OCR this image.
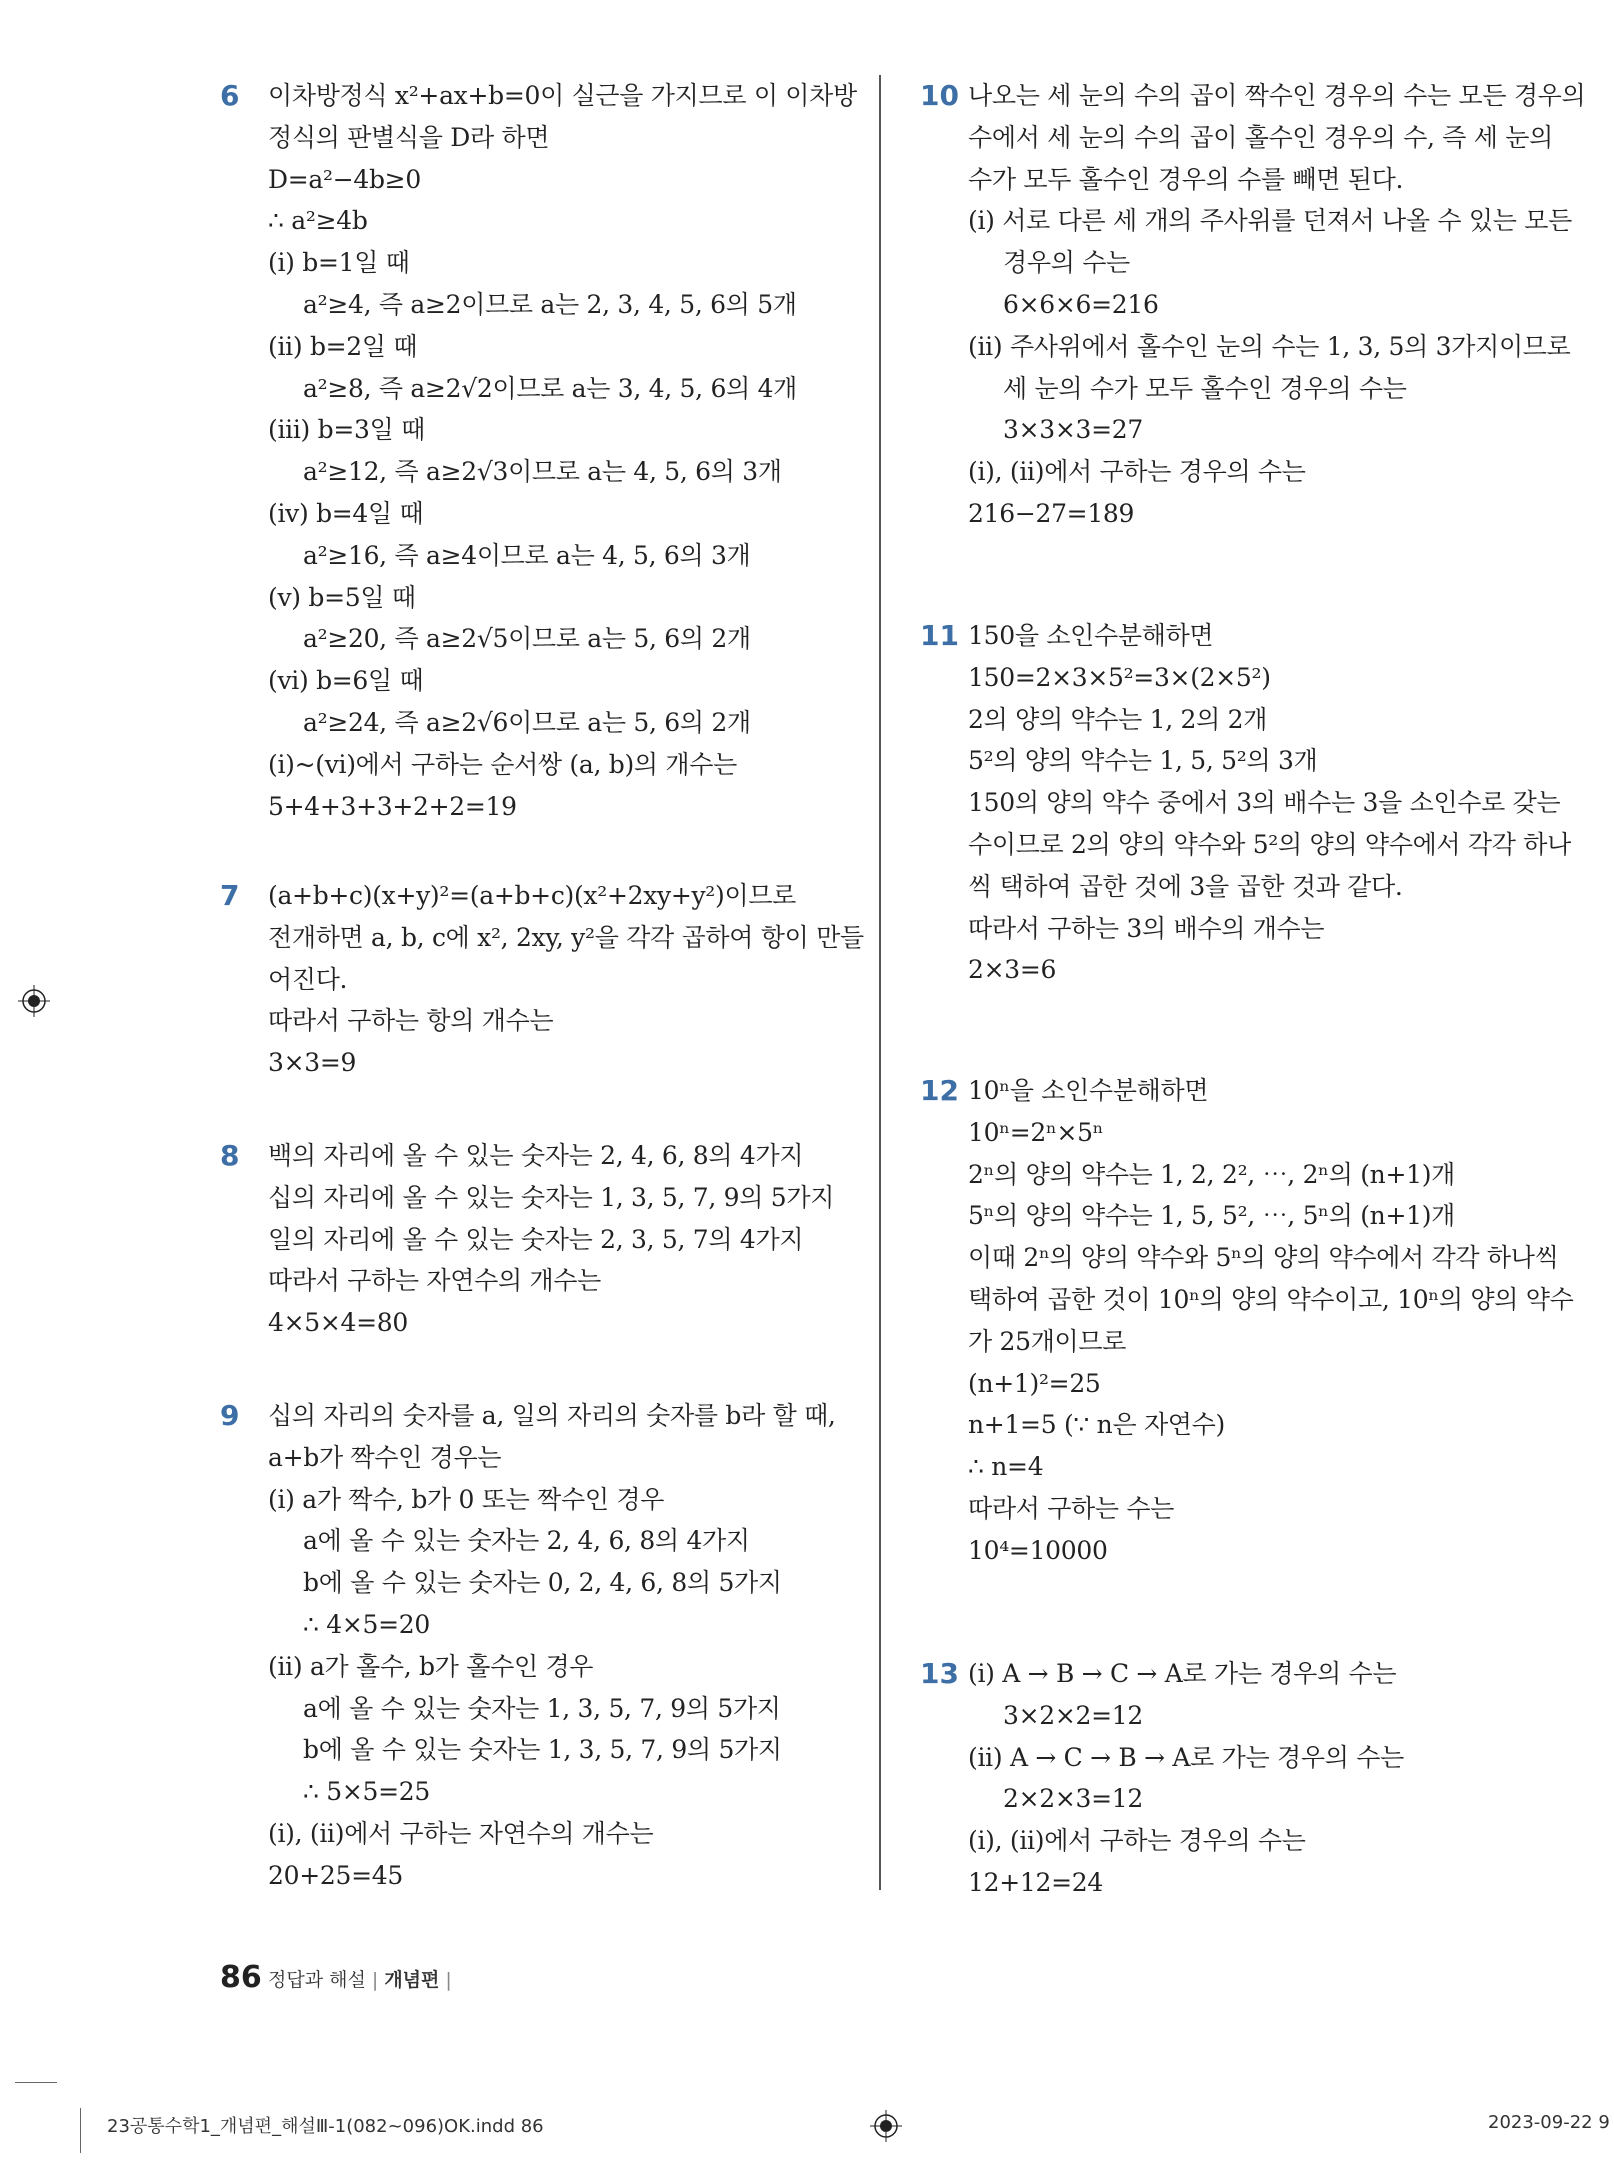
6 이차방정식 x²+ax+b=0이 실근을 가지므로 이 이차방
정식의 판별식을 D라 하면
D=a²−4b≥0
∴ a²≥4b
(i) b=1일 때
a²≥4, 즉 a≥2이므로 a는 2, 3, 4, 5, 6의 5개
(ii) b=2일 때
a²≥8, 즉 a≥2√2이므로 a는 3, 4, 5, 6의 4개
(iii) b=3일 때
a²≥12, 즉 a≥2√3이므로 a는 4, 5, 6의 3개
(iv) b=4일 때
a²≥16, 즉 a≥4이므로 a는 4, 5, 6의 3개
(v) b=5일 때
a²≥20, 즉 a≥2√5이므로 a는 5, 6의 2개
(vi) b=6일 때
a²≥24, 즉 a≥2√6이므로 a는 5, 6의 2개
(i)~(vi)에서 구하는 순서쌍 (a, b)의 개수는
5+4+3+3+2+2=19
7 (a+b+c)(x+y)²=(a+b+c)(x²+2xy+y²)이므로
전개하면 a, b, c에 x², 2xy, y²을 각각 곱하여 항이 만들
어진다.
따라서 구하는 항의 개수는
3×3=9
8 백의 자리에 올 수 있는 숫자는 2, 4, 6, 8의 4가지
십의 자리에 올 수 있는 숫자는 1, 3, 5, 7, 9의 5가지
일의 자리에 올 수 있는 숫자는 2, 3, 5, 7의 4가지
따라서 구하는 자연수의 개수는
4×5×4=80
9 십의 자리의 숫자를 a, 일의 자리의 숫자를 b라 할 때,
a+b가 짝수인 경우는
(i) a가 짝수, b가 0 또는 짝수인 경우
a에 올 수 있는 숫자는 2, 4, 6, 8의 4가지
b에 올 수 있는 숫자는 0, 2, 4, 6, 8의 5가지
∴ 4×5=20
(ii) a가 홀수, b가 홀수인 경우
a에 올 수 있는 숫자는 1, 3, 5, 7, 9의 5가지
b에 올 수 있는 숫자는 1, 3, 5, 7, 9의 5가지
∴ 5×5=25
(i), (ii)에서 구하는 자연수의 개수는
20+25=45
10 나오는 세 눈의 수의 곱이 짝수인 경우의 수는 모든 경우의
수에서 세 눈의 수의 곱이 홀수인 경우의 수, 즉 세 눈의
수가 모두 홀수인 경우의 수를 빼면 된다.
(i) 서로 다른 세 개의 주사위를 던져서 나올 수 있는 모든
경우의 수는
6×6×6=216
(ii) 주사위에서 홀수인 눈의 수는 1, 3, 5의 3가지이므로
세 눈의 수가 모두 홀수인 경우의 수는
3×3×3=27
(i), (ii)에서 구하는 경우의 수는
216−27=189
11 150을 소인수분해하면
150=2×3×5²=3×(2×5²)
2의 양의 약수는 1, 2의 2개
5²의 양의 약수는 1, 5, 5²의 3개
150의 양의 약수 중에서 3의 배수는 3을 소인수로 갖는
수이므로 2의 양의 약수와 5²의 양의 약수에서 각각 하나
씩 택하여 곱한 것에 3을 곱한 것과 같다.
따라서 구하는 3의 배수의 개수는
2×3=6
12 10ⁿ을 소인수분해하면
10ⁿ=2ⁿ×5ⁿ
2ⁿ의 양의 약수는 1, 2, 2², ⋯, 2ⁿ의 (n+1)개
5ⁿ의 양의 약수는 1, 5, 5², ⋯, 5ⁿ의 (n+1)개
이때 2ⁿ의 양의 약수와 5ⁿ의 양의 약수에서 각각 하나씩
택하여 곱한 것이 10ⁿ의 양의 약수이고, 10ⁿ의 양의 약수
가 25개이므로
(n+1)²=25
n+1=5 (∵ n은 자연수)
∴ n=4
따라서 구하는 수는
10⁴=10000
13 (i) A → B → C → A로 가는 경우의 수는
3×2×2=12
(ii) A → C → B → A로 가는 경우의 수는
2×2×3=12
(i), (ii)에서 구하는 경우의 수는
12+12=24
86 정답과 해설 | 개념편 |
23공통수학1_개념편_해설Ⅲ-1(082~096)OK.indd 86	2023-09-22 9
